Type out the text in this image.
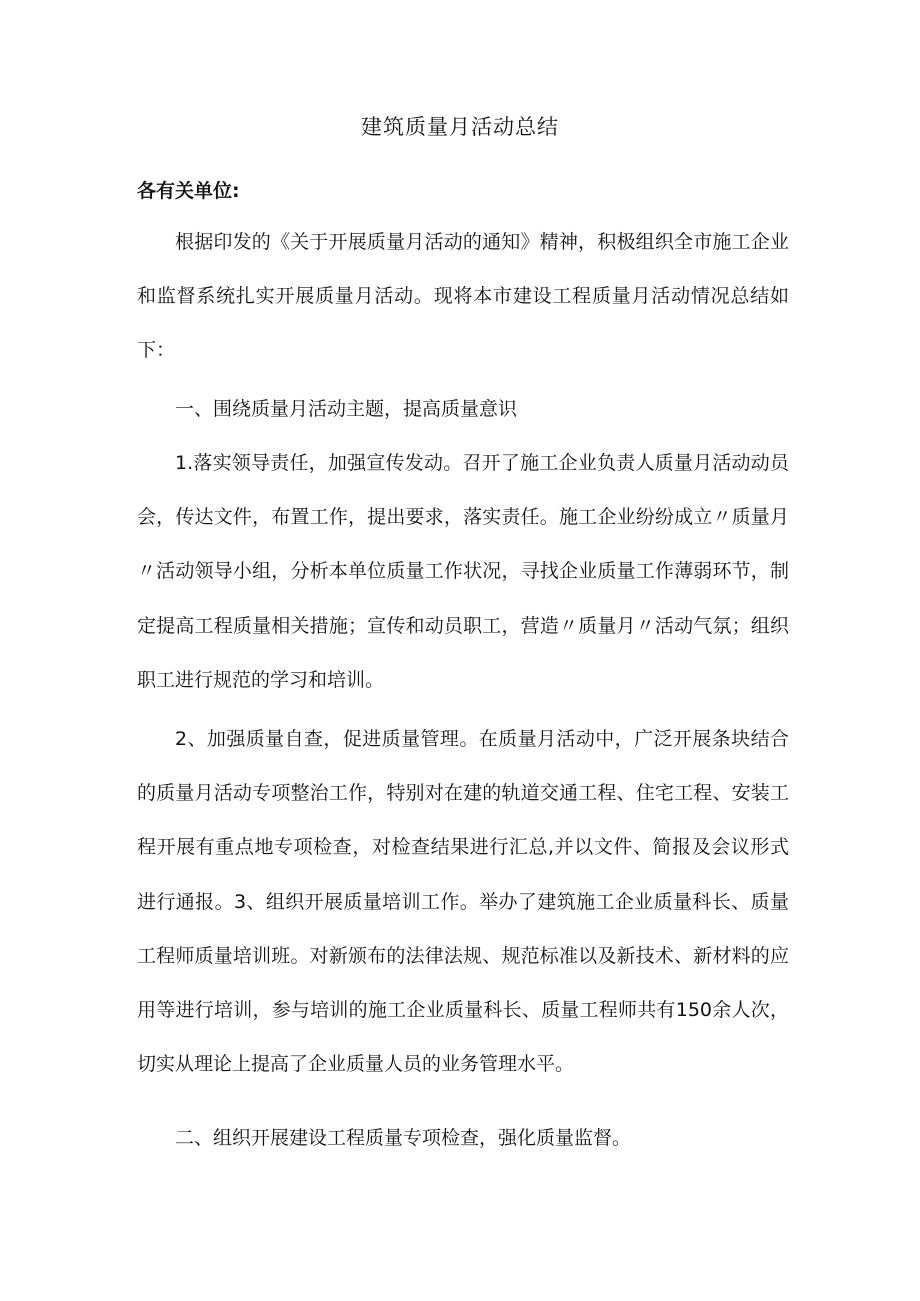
建筑质量月活动总结
各有关单位:

根据印发的《关于开展质量月活动的通知》精神，积极组织全市施工企业和监督系统扎实开展质量月活动。现将本市建设工程质量月活动情况总结如下：

一、围绕质量月活动主题，提高质量意识

1.落实领导责任，加强宣传发动。召开了施工企业负责人质量月活动动员会，传达文件，布置工作，提出要求，落实责任。施工企业纷纷成立〃质量月〃活动领导小组，分析本单位质量工作状况，寻找企业质量工作薄弱环节，制定提高工程质量相关措施；宣传和动员职工，营造〃质量月〃活动气氛；组织职工进行规范的学习和培训。

2、加强质量自查，促进质量管理。在质量月活动中，广泛开展条块结合的质量月活动专项整治工作，特别对在建的轨道交通工程、住宅工程、安装工程开展有重点地专项检查，对检查结果进行汇总,并以文件、简报及会议形式进行通报。3、组织开展质量培训工作。举办了建筑施工企业质量科长、质量工程师质量培训班。对新颁布的法律法规、规范标准以及新技术、新材料的应用等进行培训，参与培训的施工企业质量科长、质量工程师共有150余人次，切实从理论上提高了企业质量人员的业务管理水平。

二、组织开展建设工程质量专项检查，强化质量监督。
